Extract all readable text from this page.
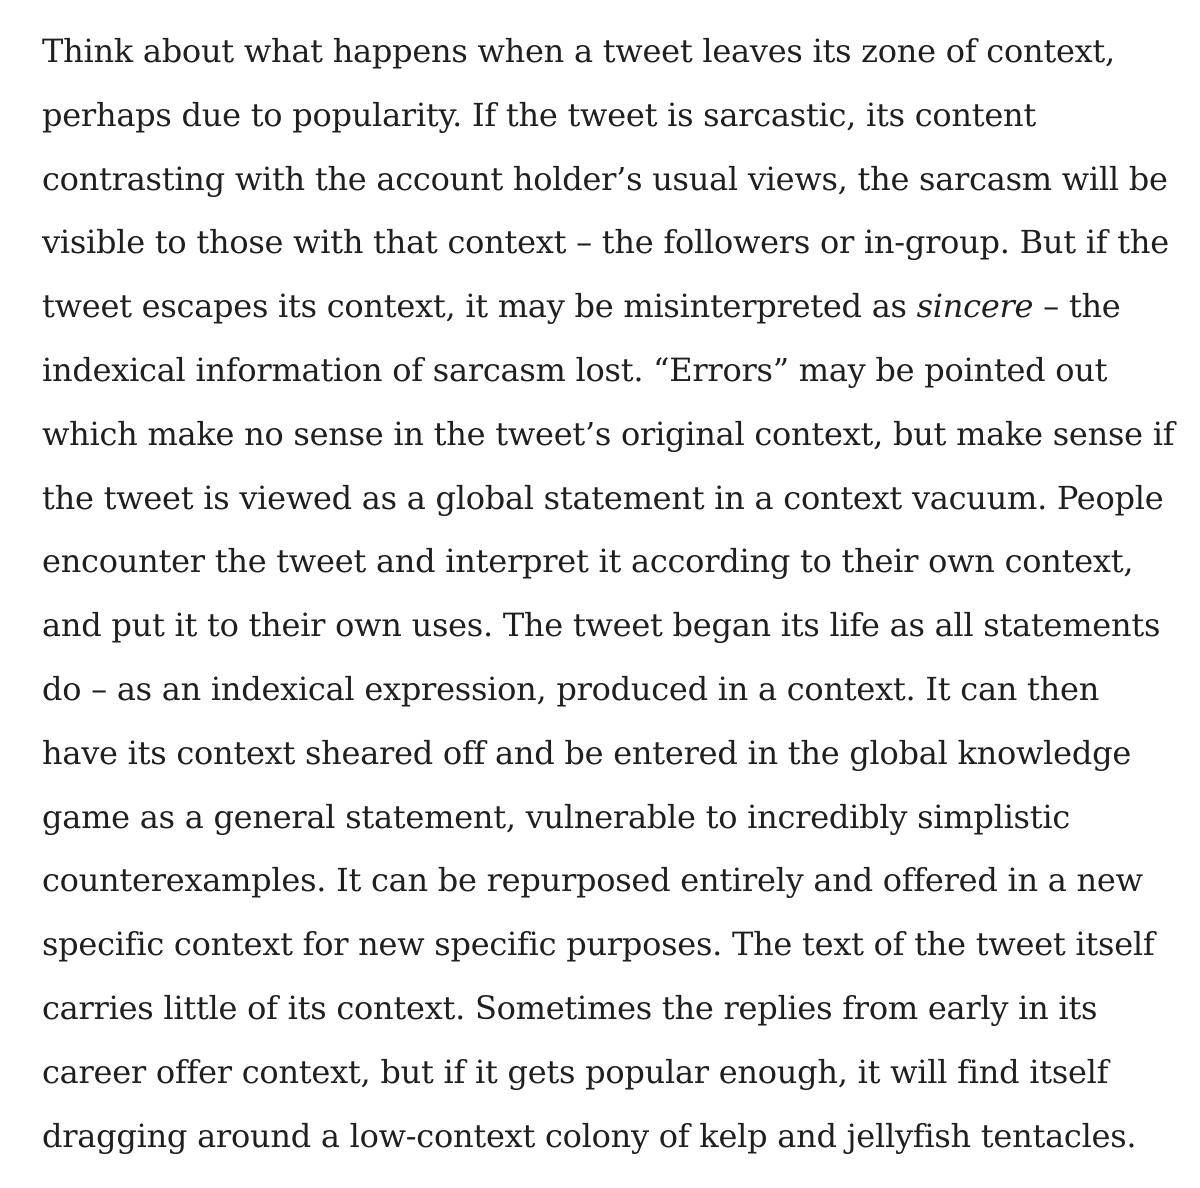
Think about what happens when a tweet leaves its zone of context,
perhaps due to popularity. If the tweet is sarcastic, its content
contrasting with the account holder’s usual views, the sarcasm will be
visible to those with that context – the followers or in-group. But if the
tweet escapes its context, it may be misinterpreted as sincere – the
indexical information of sarcasm lost. “Errors” may be pointed out
which make no sense in the tweet’s original context, but make sense if
the tweet is viewed as a global statement in a context vacuum. People
encounter the tweet and interpret it according to their own context,
and put it to their own uses. The tweet began its life as all statements
do – as an indexical expression, produced in a context. It can then
have its context sheared off and be entered in the global knowledge
game as a general statement, vulnerable to incredibly simplistic
counterexamples. It can be repurposed entirely and offered in a new
specific context for new specific purposes. The text of the tweet itself
carries little of its context. Sometimes the replies from early in its
career offer context, but if it gets popular enough, it will find itself
dragging around a low-context colony of kelp and jellyfish tentacles.
